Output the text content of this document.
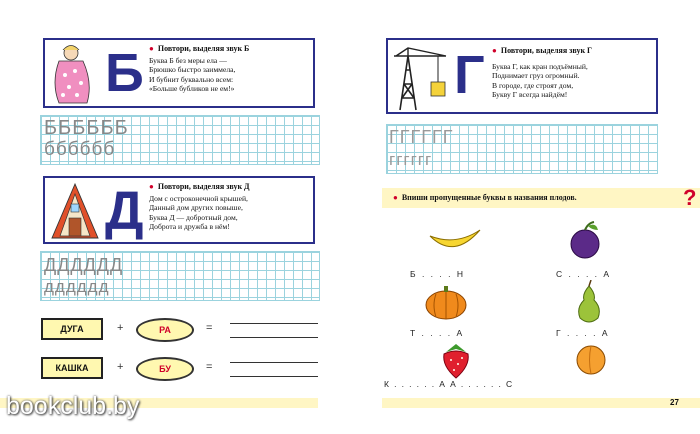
Б ● Повтори, выделяя звук Б
Буква Б без меры ела —
Брюшко быстро заиммела,
И бубнит буквально всем:
«Больше бубликов не ем!»
ББББББ
бббббб
Д ● Повтори, выделяя звук Д
Дом с остроконечной крышей,
Данный дом других повыше,
Буква Д — добротный дом,
Доброта и дружба в нём!
ДДДДДД
дддддд
ДУГА	+	РА	=
КАШКА	+	БУ	=
bookclub.by
Г ● Повтори, выделяя звук Г
Буква Г, как кран подъёмный,
Поднимает груз огромный.
В городе, где строят дом,
Букву Г всегда найдём!
ГГГГГГ
гггггг
● Впиши пропущенные буквы в названия плодов.	?
Б . . . . Н	С . . . . А
Т . . . . А	Г . . . . А
К . . . . . . А А . . . . . . С
27
